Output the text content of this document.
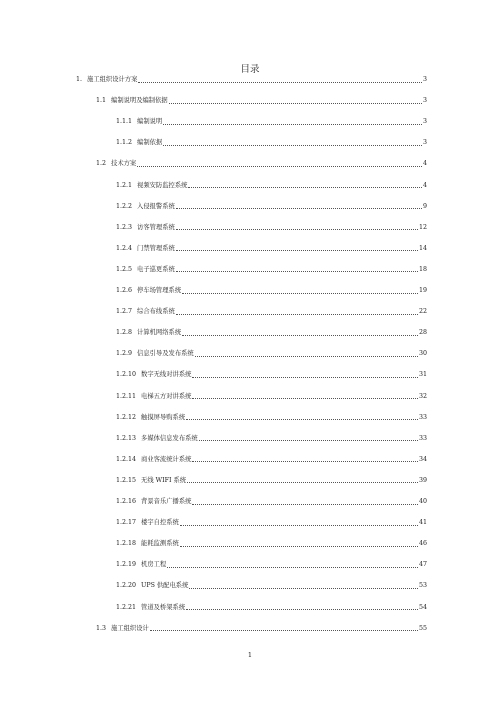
目录
1. 施工组织设计方案	3
1.1 编制说明及编制依据	3
1.1.1 编制说明	3
1.1.2 编制依据	3
1.2 技术方案	4
1.2.1 视频安防监控系统	4
1.2.2 入侵报警系统	9
1.2.3 访客管理系统	12
1.2.4 门禁管理系统	14
1.2.5 电子巡更系统	18
1.2.6 停车场管理系统	19
1.2.7 综合布线系统	22
1.2.8 计算机网络系统	28
1.2.9 信息引导及发布系统	30
1.2.10 数字无线对讲系统	31
1.2.11 电梯五方对讲系统	32
1.2.12 触摸屏导购系统	33
1.2.13 多媒体信息发布系统	33
1.2.14 商业客流统计系统	34
1.2.15 无线 WIFI 系统	39
1.2.16 背景音乐广播系统	40
1.2.17 楼宇自控系统	41
1.2.18 能耗监测系统	46
1.2.19 机房工程	47
1.2.20 UPS 供配电系统	53
1.2.21 管道及桥架系统	54
1.3 施工组织设计	55
1
